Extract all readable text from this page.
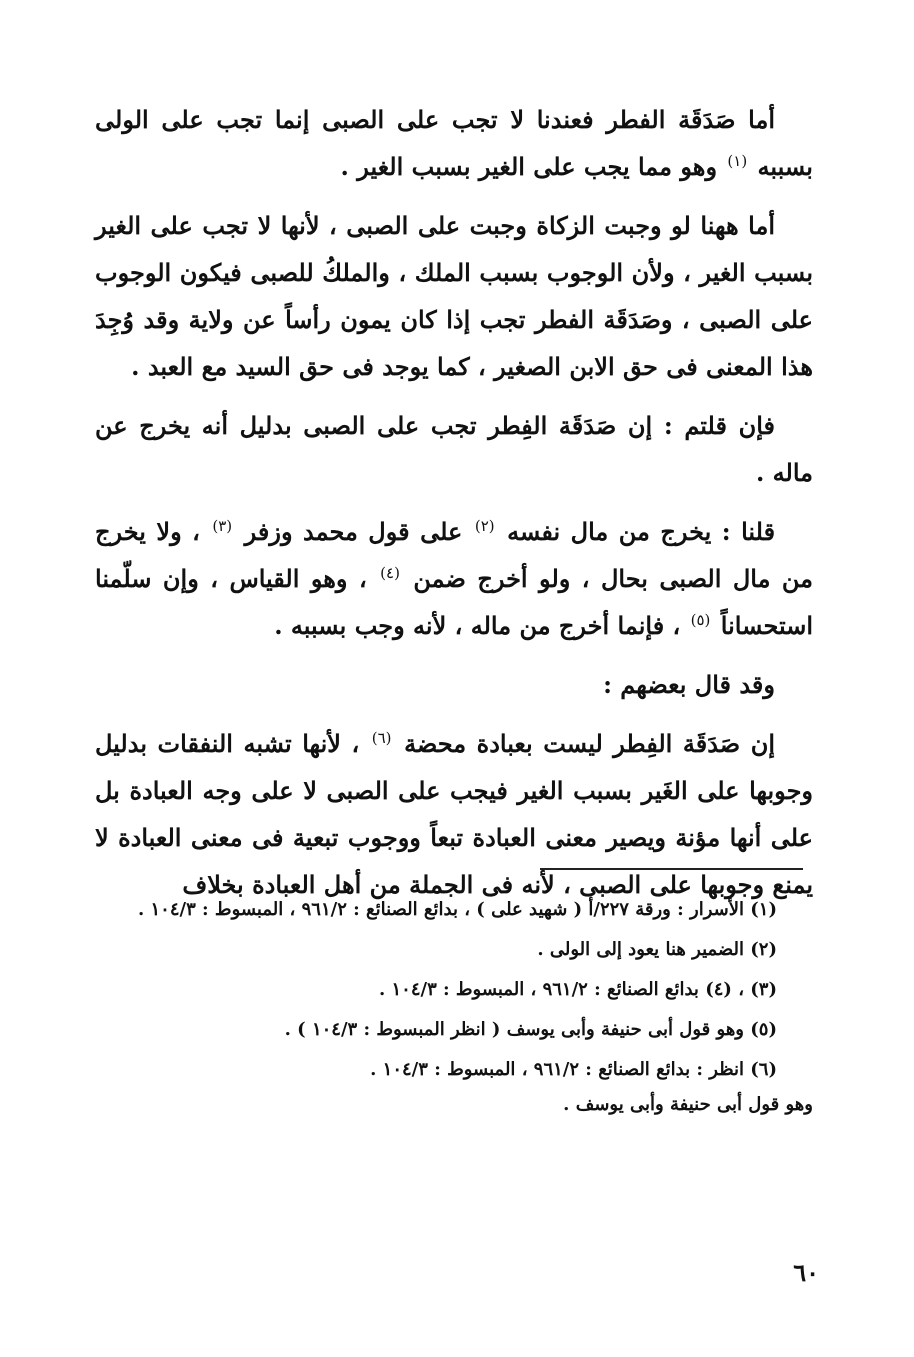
أما صَدَقَة الفطر فعندنا لا تجب على الصبى إنما تجب على الولى بسببه $^{(١)}$ وهو مما يجب على الغير بسبب الغير .

أما ههنا لو وجبت الزكاة وجبت على الصبى ، لأنها لا تجب على الغير بسبب الغير ، ولأن الوجوب بسبب الملك ، والملكُ للصبى فيكون الوجوب على الصبى ، وصَدَقَة الفطر تجب إذا كان يمون رأساً عن ولاية وقد وُجِدَ هذا المعنى فى حق الابن الصغير ، كما يوجد فى حق السيد مع العبد .

فإن قلتم : إن صَدَقَة الفِطر تجب على الصبى بدليل أنه يخرج عن ماله .

قلنا : يخرج من مال نفسه $^{(٢)}$ على قول محمد وزفر $^{(٣)}$ ، ولا يخرج من مال الصبى بحال ، ولو أخرج ضمن $^{(٤)}$ ، وهو القياس ، وإن سلّمنا استحساناً $^{(٥)}$ ، فإنما أخرج من ماله ، لأنه وجب بسببه .

وقد قال بعضهم :

إن صَدَقَة الفِطر ليست بعبادة محضة $^{(٦)}$ ، لأنها تشبه النفقات بدليل وجوبها على الغَير بسبب الغير فيجب على الصبى لا على وجه العبادة بل على أنها مؤنة ويصير معنى العبادة تبعاً ووجوب تبعية فى معنى العبادة لا يمنع وجوبها على الصبى ، لأنه فى الجملة من أهل العبادة بخلاف

(١) الأسرار : ورقة ٢٢٧/أ ( شهيد على ) ، بدائع الصنائع : ٩٦١/٢ ، المبسوط : ١٠٤/٣ .

(٢) الضمير هنا يعود إلى الولى .

(٣) ، (٤) بدائع الصنائع : ٩٦١/٢ ، المبسوط : ١٠٤/٣ .

(٥) وهو قول أبى حنيفة وأبى يوسف ( انظر المبسوط : ١٠٤/٣ ) .

(٦) انظر : بدائع الصنائع : ٩٦١/٢ ، المبسوط : ١٠٤/٣ .

وهو قول أبى حنيفة وأبى يوسف .

٦٠
